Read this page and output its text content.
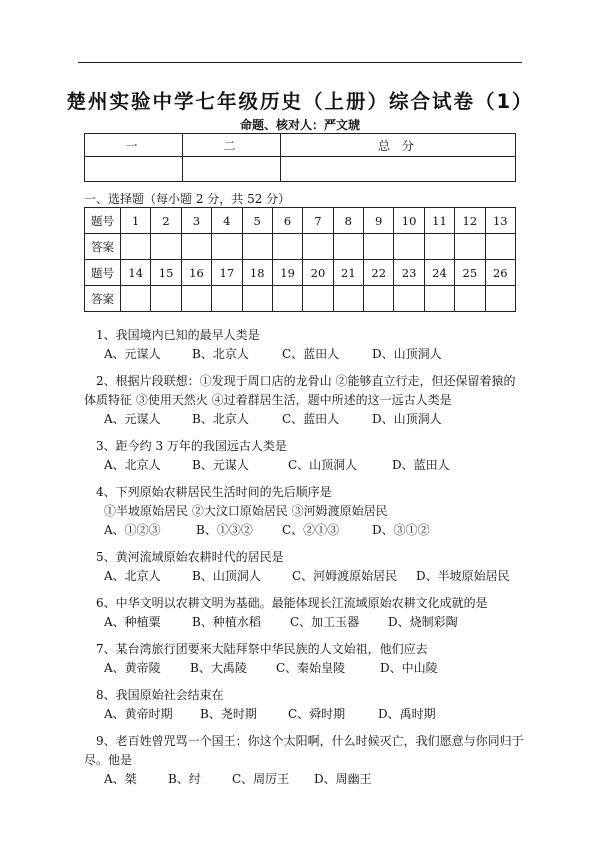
楚州实验中学七年级历史（上册）综合试卷（1）

命题、核对人：严文琥

一	二	总 分

一、选择题（每小题 2 分，共 52 分）

题号	1	2	3	4	5	6	7	8	9	10	11	12	13
答案													
题号	14	15	16	17	18	19	20	21	22	23	24	25	26
答案													
1、我国境内已知的最早人类是
A、元谋人	B、北京人	C、蓝田人	D、山顶洞人
2、根据片段联想：①发现于周口店的龙骨山 ②能够直立行走，但还保留着猿的体质特征 ③使用天然火 ④过着群居生活，题中所述的这一远古人类是
A、元谋人	B、北京人	C、蓝田人	D、山顶洞人
3、距今约 3 万年的我国远古人类是
A、北京人	B、元谋人	C、山顶洞人	D、蓝田人
4、下列原始农耕居民生活时间的先后顺序是
①半坡原始居民 ②大汶口原始居民 ③河姆渡原始居民
A、①②③	B、①③②	C、②①③	D、③①②
5、黄河流域原始农耕时代的居民是
A、北京人	B、山顶洞人	C、河姆渡原始居民	D、半坡原始居民
6、中华文明以农耕文明为基础。最能体现长江流域原始农耕文化成就的是
A、种植粟	B、种植水稻	C、加工玉器	D、烧制彩陶
7、某台湾旅行团要来大陆拜祭中华民族的人文始祖，他们应去
A、黄帝陵	B、大禹陵	C、秦始皇陵	D、中山陵
8、我国原始社会结束在
A、黄帝时期	B、尧时期	C、舜时期	D、禹时期
9、老百姓曾咒骂一个国王：你这个太阳啊，什么时候灭亡，我们愿意与你同归于尽。他是
A、桀	B、纣	C、周厉王	D、周幽王
